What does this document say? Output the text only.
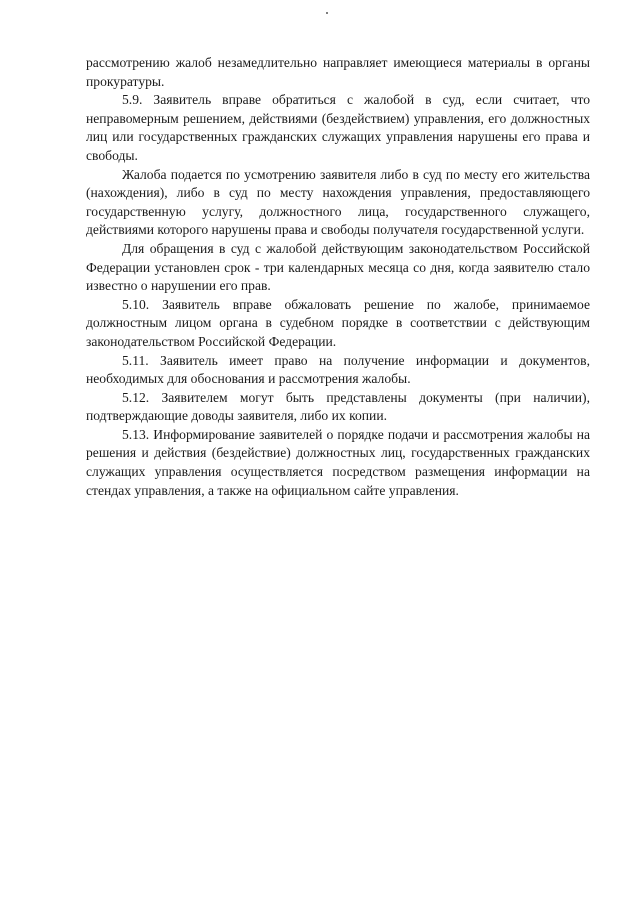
рассмотрению жалоб незамедлительно направляет имеющиеся материалы в органы прокуратуры.

5.9. Заявитель вправе обратиться с жалобой в суд, если считает, что неправомерным решением, действиями (бездействием) управления, его должностных лиц или государственных гражданских служащих управления нарушены его права и свободы.

Жалоба подается по усмотрению заявителя либо в суд по месту его жительства (нахождения), либо в суд по месту нахождения управления, предоставляющего государственную услугу, должностного лица, государственного служащего, действиями которого нарушены права и свободы получателя государственной услуги.

Для обращения в суд с жалобой действующим законодательством Российской Федерации установлен срок - три календарных месяца со дня, когда заявителю стало известно о нарушении его прав.

5.10. Заявитель вправе обжаловать решение по жалобе, принимаемое должностным лицом органа в судебном порядке в соответствии с действующим законодательством Российской Федерации.

5.11. Заявитель имеет право на получение информации и документов, необходимых для обоснования и рассмотрения жалобы.

5.12. Заявителем могут быть представлены документы (при наличии), подтверждающие доводы заявителя, либо их копии.

5.13. Информирование заявителей о порядке подачи и рассмотрения жалобы на решения и действия (бездействие) должностных лиц, государственных гражданских служащих управления осуществляется посредством размещения информации на стендах управления, а также на официальном сайте управления.
